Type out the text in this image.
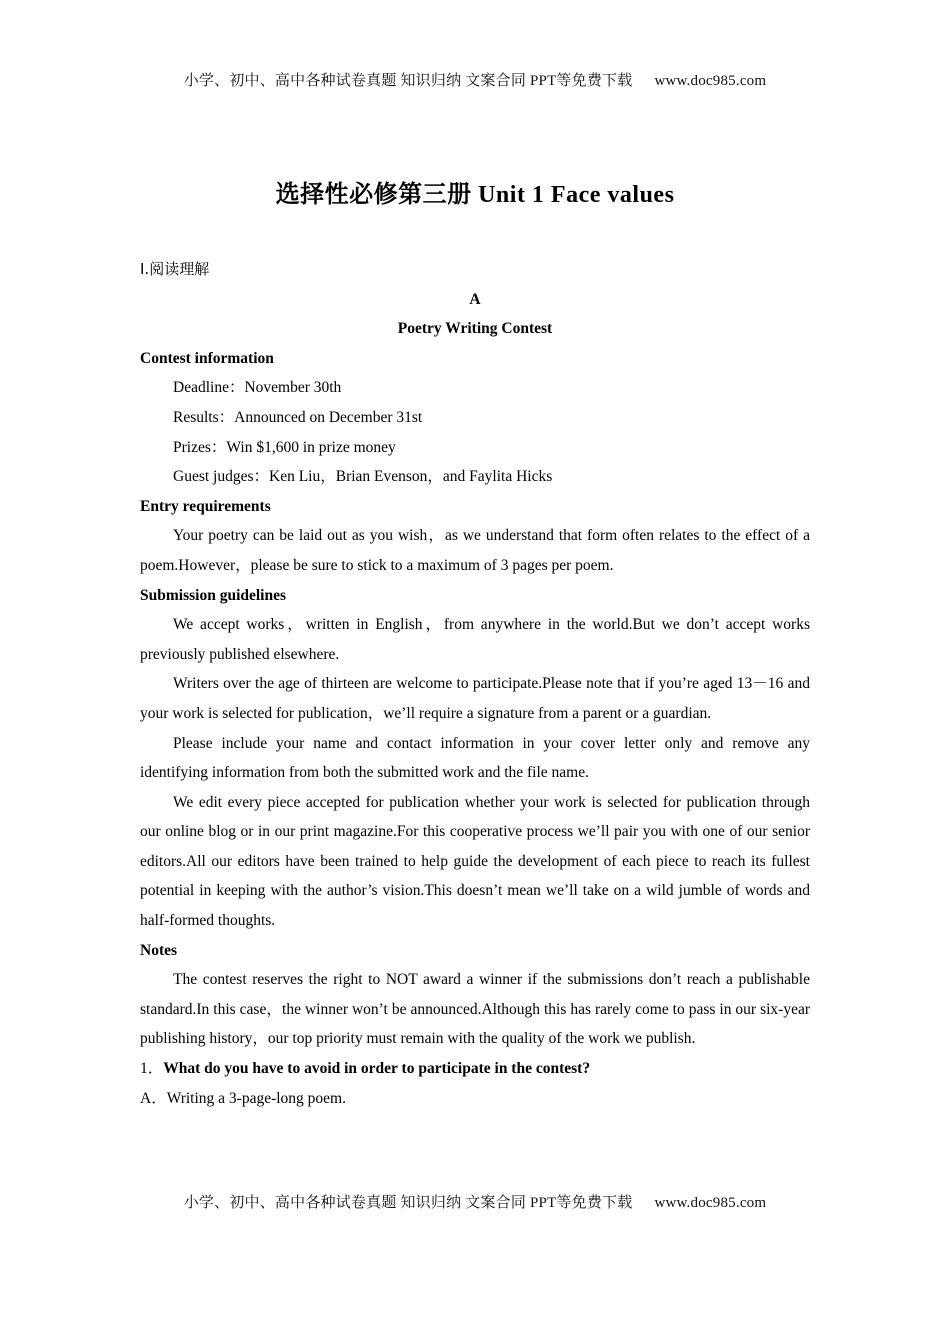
小学、初中、高中各种试卷真题 知识归纳 文案合同 PPT等免费下载 www.doc985.com
选择性必修第三册 Unit 1 Face values
Ⅰ.阅读理解
A
Poetry Writing Contest
Contest information
Deadline：November 30th
Results：Announced on December 31st
Prizes：Win $1,600 in prize money
Guest judges：Ken Liu，Brian Evenson，and Faylita Hicks
Entry requirements

Your poetry can be laid out as you wish，as we understand that form often relates to the effect of a poem.However，please be sure to stick to a maximum of 3 pages per poem.

Submission guidelines

We accept works，written in English，from anywhere in the world.But we don’t accept works previously published elsewhere.

Writers over the age of thirteen are welcome to participate.Please note that if you’re aged 13－16 and your work is selected for publication，we’ll require a signature from a parent or a guardian.

Please include your name and contact information in your cover letter only and remove any identifying information from both the submitted work and the file name.

We edit every piece accepted for publication whether your work is selected for publication through our online blog or in our print magazine.For this cooperative process we’ll pair you with one of our senior editors.All our editors have been trained to help guide the development of each piece to reach its fullest potential in keeping with the author’s vision.This doesn’t mean we’ll take on a wild jumble of words and half-formed thoughts.

Notes

The contest reserves the right to NOT award a winner if the submissions don’t reach a publishable standard.In this case，the winner won’t be announced.Although this has rarely come to pass in our six-year publishing history，our top priority must remain with the quality of the work we publish.

1．What do you have to avoid in order to participate in the contest?
A．Writing a 3-page-long poem.
小学、初中、高中各种试卷真题 知识归纳 文案合同 PPT等免费下载 www.doc985.com
